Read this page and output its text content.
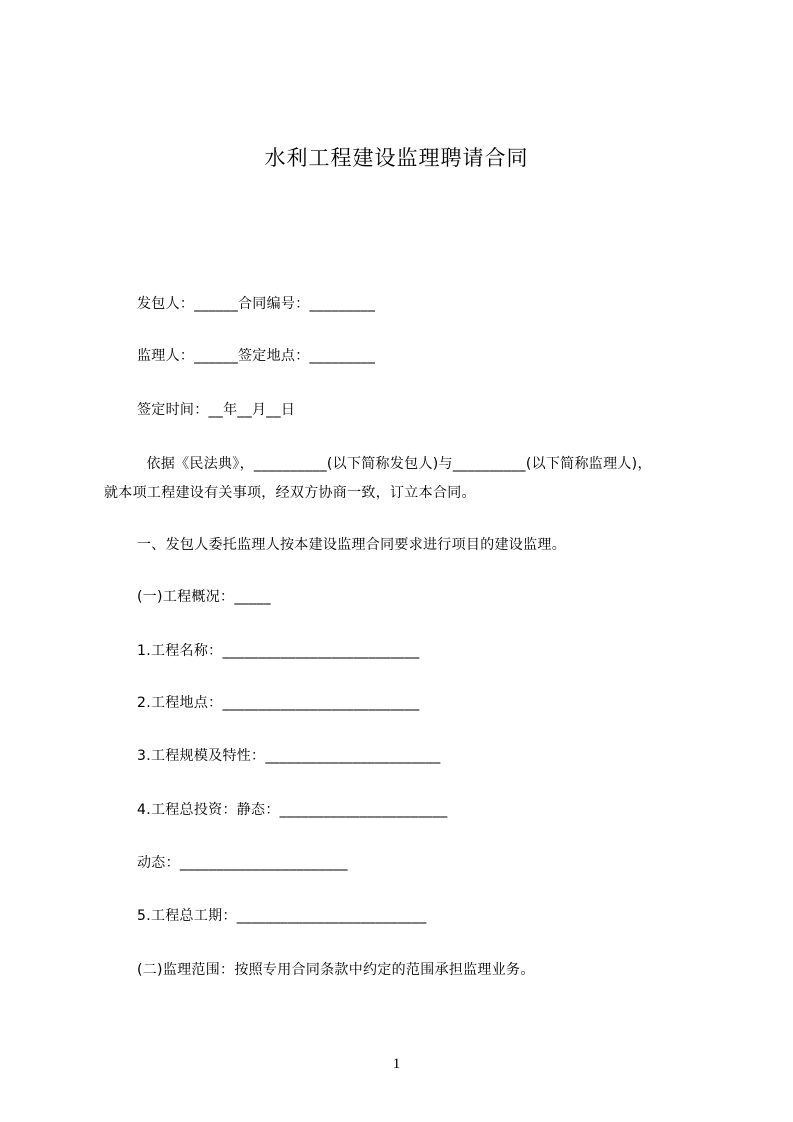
水利工程建设监理聘请合同
发包人：______合同编号：_________
监理人：______签定地点：_________
签定时间：__年__月__日
依据《民法典》，__________(以下简称发包人)与__________(以下简称监理人)，
就本项工程建设有关事项，经双方协商一致，订立本合同。
一、发包人委托监理人按本建设监理合同要求进行项目的建设监理。
(一)工程概况：_____
1.工程名称：___________________________
2.工程地点：___________________________
3.工程规模及特性：________________________
4.工程总投资：静态：_______________________
动态：_______________________
5.工程总工期：__________________________
(二)监理范围：按照专用合同条款中约定的范围承担监理业务。
1
